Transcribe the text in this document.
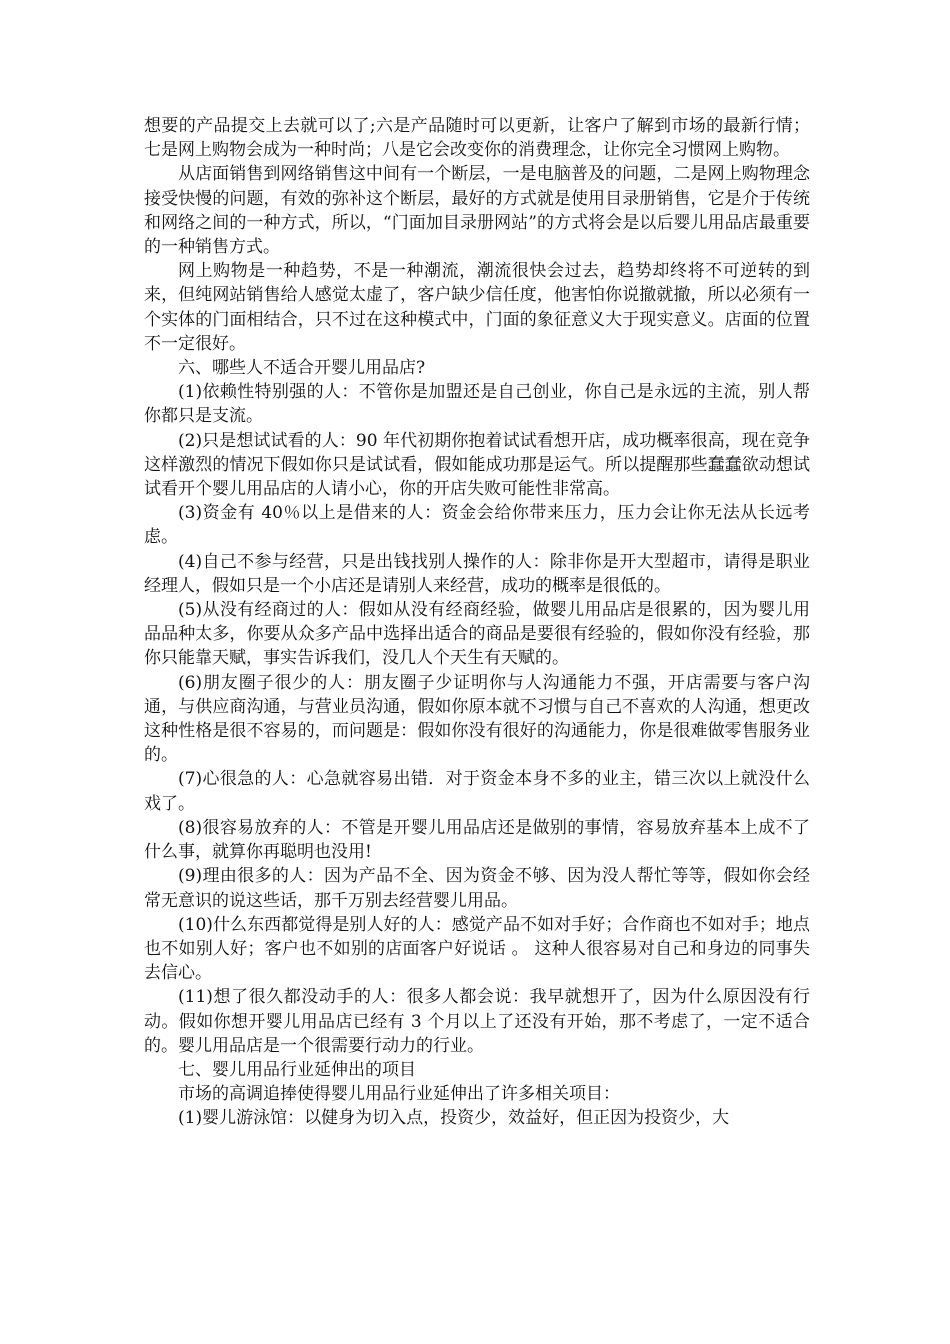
想要的产品提交上去就可以了;六是产品随时可以更新，让客户了解到市场的最新行情；七是网上购物会成为一种时尚；八是它会改变你的消费理念，让你完全习惯网上购物。

从店面销售到网络销售这中间有一个断层，一是电脑普及的问题，二是网上购物理念接受快慢的问题，有效的弥补这个断层，最好的方式就是使用目录册销售，它是介于传统和网络之间的一种方式，所以，“门面加目录册网站”的方式将会是以后婴儿用品店最重要的一种销售方式。

网上购物是一种趋势，不是一种潮流，潮流很快会过去，趋势却终将不可逆转的到来，但纯网站销售给人感觉太虚了，客户缺少信任度，他害怕你说撤就撤，所以必须有一个实体的门面相结合，只不过在这种模式中，门面的象征意义大于现实意义。店面的位置不一定很好。

六、哪些人不适合开婴儿用品店?

(1)依赖性特别强的人：不管你是加盟还是自己创业，你自己是永远的主流，别人帮你都只是支流。

(2)只是想试试看的人：90 年代初期你抱着试试看想开店，成功概率很高，现在竞争这样激烈的情况下假如你只是试试看，假如能成功那是运气。所以提醒那些蠢蠢欲动想试试看开个婴儿用品店的人请小心，你的开店失败可能性非常高。

(3)资金有 40％以上是借来的人：资金会给你带来压力，压力会让你无法从长远考虑。

(4)自己不参与经营，只是出钱找别人操作的人：除非你是开大型超市，请得是职业经理人，假如只是一个小店还是请别人来经营，成功的概率是很低的。

(5)从没有经商过的人：假如从没有经商经验，做婴儿用品店是很累的，因为婴儿用品品种太多，你要从众多产品中选择出适合的商品是要很有经验的，假如你没有经验，那你只能靠天赋，事实告诉我们，没几人个天生有天赋的。

(6)朋友圈子很少的人：朋友圈子少证明你与人沟通能力不强，开店需要与客户沟通，与供应商沟通，与营业员沟通，假如你原本就不习惯与自己不喜欢的人沟通，想更改这种性格是很不容易的，而问题是：假如你没有很好的沟通能力，你是很难做零售服务业的。

(7)心很急的人：心急就容易出错．对于资金本身不多的业主，错三次以上就没什么戏了。

(8)很容易放弃的人：不管是开婴儿用品店还是做别的事情，容易放弃基本上成不了什么事，就算你再聪明也没用!

(9)理由很多的人：因为产品不全、因为资金不够、因为没人帮忙等等，假如你会经常无意识的说这些话，那千万别去经营婴儿用品。

(10)什么东西都觉得是别人好的人：感觉产品不如对手好；合作商也不如对手；地点也不如别人好；客户也不如别的店面客户好说话 。 这种人很容易对自己和身边的同事失去信心。

(11)想了很久都没动手的人：很多人都会说：我早就想开了，因为什么原因没有行动。假如你想开婴儿用品店已经有 3 个月以上了还没有开始，那不考虑了，一定不适合的。婴儿用品店是一个很需要行动力的行业。

七、婴儿用品行业延伸出的项目

市场的高调追捧使得婴儿用品行业延伸出了许多相关项目：

(1)婴儿游泳馆：以健身为切入点，投资少，效益好，但正因为投资少，大
